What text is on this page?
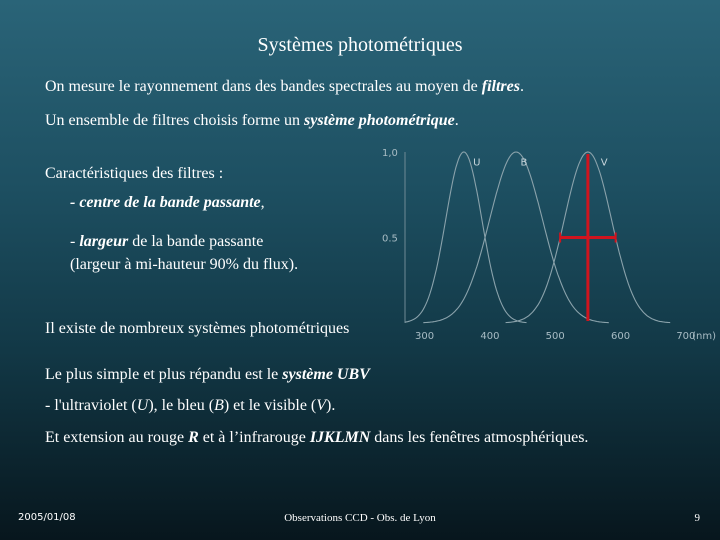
Systèmes photométriques
On mesure le rayonnement dans des bandes spectrales au moyen de filtres.
Un ensemble de filtres choisis forme un système photométrique.
Caractéristiques des filtres :
- centre de la bande passante,
- largeur de la bande passante
(largeur à mi-hauteur 90% du flux).
Il existe de nombreux systèmes photométriques
Le plus simple et plus répandu est le système UBV
- l'ultraviolet (U), le bleu (B) et le visible (V).
Et extension au rouge R et à l’infrarouge IJKLMN dans les fenêtres atmosphériques.
2005/01/08	Observations CCD - Obs. de Lyon	9
1,0
0.5
300	400	500	600	700
(nm)
U	B	V
